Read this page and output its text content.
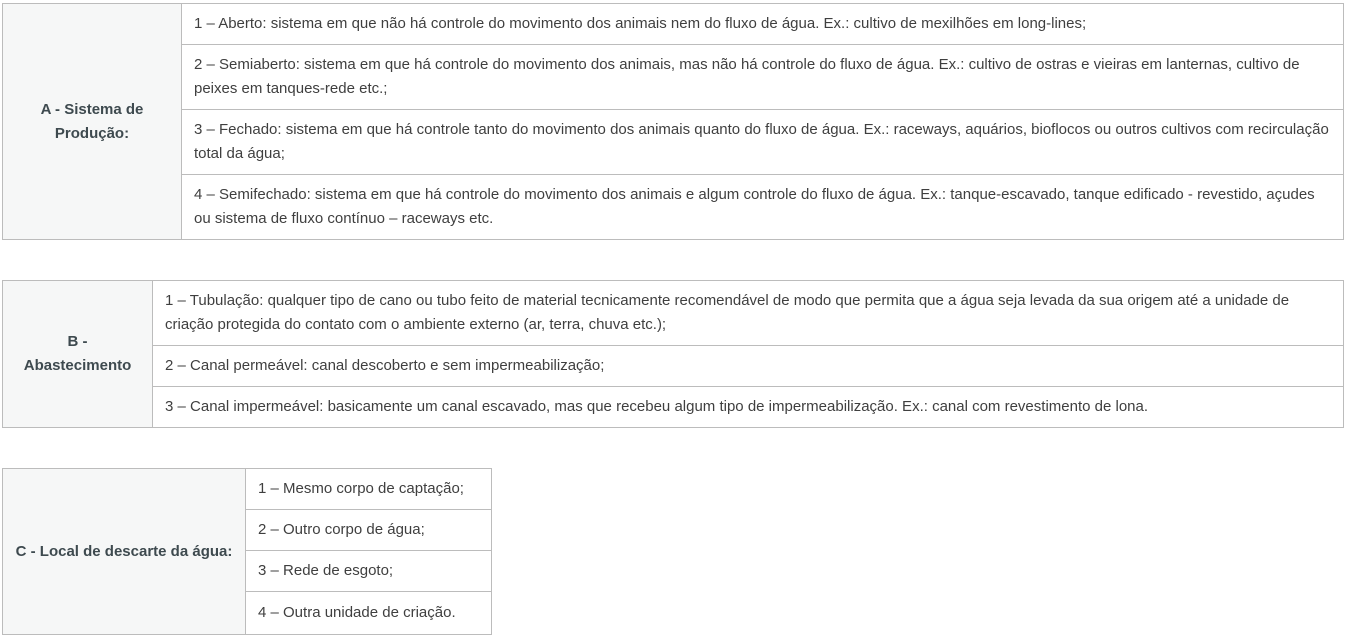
A - Sistema de Produção:	1 – Aberto: sistema em que não há controle do movimento dos animais nem do fluxo de água. Ex.: cultivo de mexilhões em long-lines;
2 – Semiaberto: sistema em que há controle do movimento dos animais, mas não há controle do fluxo de água. Ex.: cultivo de ostras e vieiras em lanternas, cultivo de peixes em tanques-rede etc.;
3 – Fechado: sistema em que há controle tanto do movimento dos animais quanto do fluxo de água. Ex.: raceways, aquários, bioflocos ou outros cultivos com recirculação total da água;
4 – Semifechado: sistema em que há controle do movimento dos animais e algum controle do fluxo de água. Ex.: tanque-escavado, tanque edificado - revestido, açudes ou sistema de fluxo contínuo – raceways etc.
B - Abastecimento	1 – Tubulação: qualquer tipo de cano ou tubo feito de material tecnicamente recomendável de modo que permita que a água seja levada da sua origem até a unidade de criação protegida do contato com o ambiente externo (ar, terra, chuva etc.);
2 – Canal permeável: canal descoberto e sem impermeabilização;
3 – Canal impermeável: basicamente um canal escavado, mas que recebeu algum tipo de impermeabilização. Ex.: canal com revestimento de lona.
C - Local de descarte da água:	1 – Mesmo corpo de captação;
2 – Outro corpo de água;
3 – Rede de esgoto;
4 – Outra unidade de criação.
